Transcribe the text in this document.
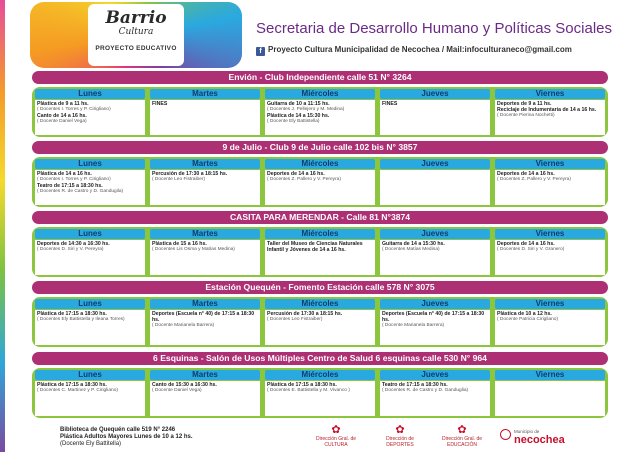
Barrio
Cultura
PROYECTO EDUCATIVO
Secretaria de Desarrollo Humano y Políticas Sociales
f Proyecto Cultura Municipalidad de Necochea / Mail:infoculturaneco@gmail.com
Envión - Club Independiente calle 51 N° 3264
Lunes
Plástica de 9 a 11 hs.
( Docentes I. Torres y P. Cirigliano)
Canto de 14 a 16 hs.
( Docente Daniel Vega)
Martes
FINES
Miércoles
Guitarra de 10 a 11:15 hs.
( Docentes J. Pellejero y M. Medina)
Plástica de 14 a 15:30 hs.
( Docente Ely Battistella)
Jueves
FINES
Viernes
Deportes de 9 a 11 hs.
Reciclaje de Indumentaria de 14 a 16 hs.
( Docente Pierina Nochetti)
9 de Julio - Club 9 de Julio calle 102 bis N° 3857
Lunes
Plástica de 14 a 16 hs.
( Docentes I. Torres y P. Cirigliano)
Teatro de 17:15 a 18:30 hs.
( Docentes R. de Castro y D. Gandugila)
Martes
Percusión de 17:30 a 18:15 hs.
( Docente Leo Fistraiber)
Miércoles
Deportes de 14 a 16 hs.
( Docentes Z. Pallero y V. Pereyra)
Jueves	Viernes
Deportes de 14 a 16 hs.
( Docentes Z. Pallero y V. Pereyra)
CASITA PARA MERENDAR - Calle 81 N°3874
Lunes
Deportes de 14:30 a 16:30 hs.
( Docentes D. Siri y V. Pereyra)
Martes
Plástica de 15 a 16 hs.
( Docentes Lis Osma y Matías Medina)
Miércoles
Taller del Museo de Ciencias Naturales Infantil y Jóvenes de 14 a 16 hs.
Jueves
Guitarra de 14 a 15:30 hs.
( Docentes Matías Medina)
Viernes
Deportes de 14 a 16 hs.
( Docentes D. Siri y V. Granero)
Estación Quequén - Fomento Estación calle 578 N° 3075
Lunes
Plástica de 17:15 a 18:30 hs.
( Docentes Ely Battistella y Ileana Torres)
Martes
Deportes (Escuela n° 40) de 17:15 a 18:30 hs.
( Docente Marianela Barrera)
Miércoles
Percusión de 17:30 a 18:15 hs.
( Docentes Leo Fistraiber)
Jueves
Deportes (Escuela n° 40) de 17:15 a 18:30 hs.
( Docente Marianela Barrera)
Viernes
Plástica de 10 a 12 hs.
( Docente Patricia Cirigliano)
6 Esquinas - Salón de Usos Múltiples Centro de Salud 6 esquinas calle 530 N° 964
Lunes
Plástica de 17:15 a 18:30 hs.
( Docentes C. Martinez y P. Cirigliano)
Martes
Canto de 15:30 a 16:30 hs.
( Docente Daniel Vega)
Miércoles
Plástica de 17:15 a 18:30 hs.
( Docentes E. Battistella y M. Vivanco )
Jueves
Teatro de 17:15 a 18:30 hs.
( Docentes R. de Castro y D. Ganduglia)
Viernes
Biblioteca de Quequén calle 519 N° 2246
Plástica Adultos Mayores Lunes de 10 a 12 hs.
(Docente Ely Battitella)
✿
Dirección Gral. de CULTURA
✿
Dirección de DEPORTES
✿
Dirección Gral. de EDUCACIÓN
Municipio de
necochea
